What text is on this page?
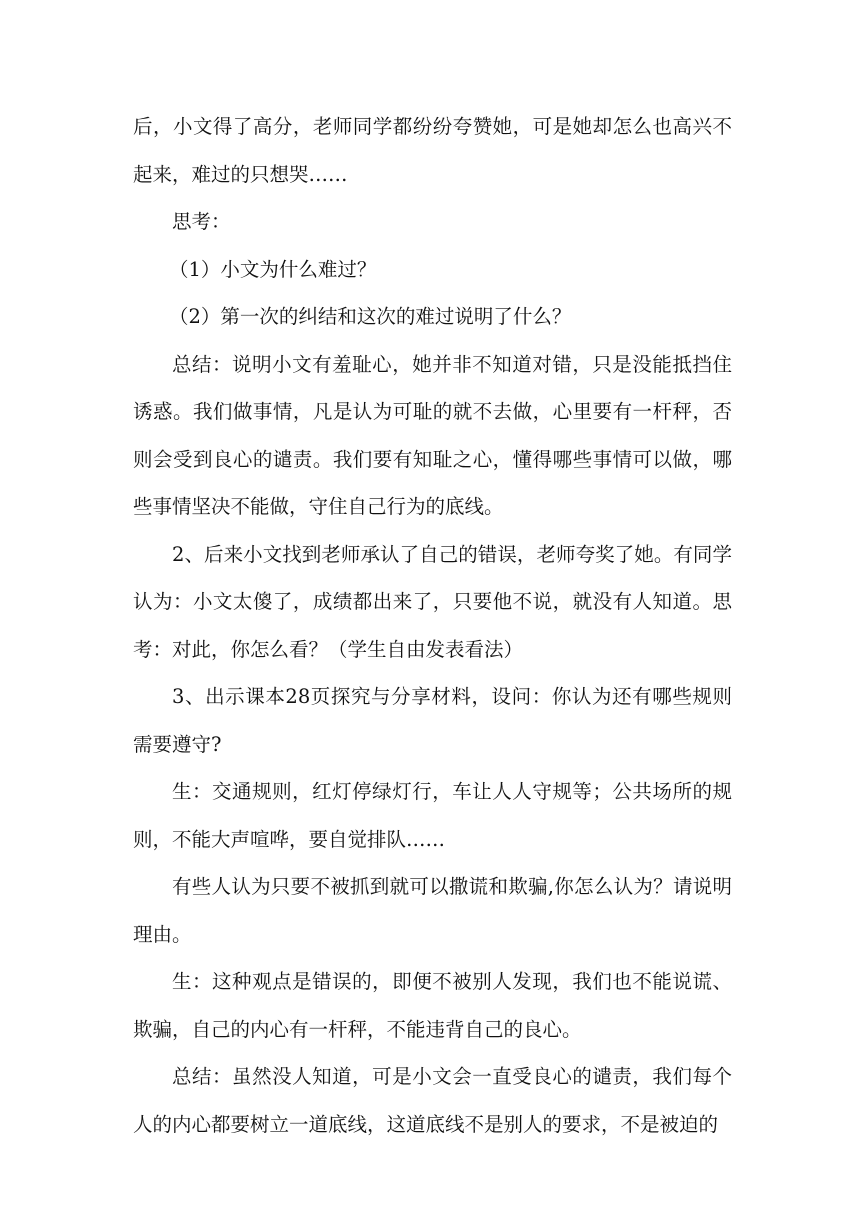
后，小文得了高分，老师同学都纷纷夸赞她，可是她却怎么也高兴不起来，难过的只想哭……

思考：

（1）小文为什么难过？

（2）第一次的纠结和这次的难过说明了什么？

总结：说明小文有羞耻心，她并非不知道对错，只是没能抵挡住诱惑。我们做事情，凡是认为可耻的就不去做，心里要有一杆秤，否则会受到良心的谴责。我们要有知耻之心，懂得哪些事情可以做，哪些事情坚决不能做，守住自己行为的底线。

2、后来小文找到老师承认了自己的错误，老师夸奖了她。有同学认为：小文太傻了，成绩都出来了，只要他不说，就没有人知道。思考：对此，你怎么看？（学生自由发表看法）

3、出示课本28页探究与分享材料，设问：你认为还有哪些规则需要遵守?

生：交通规则，红灯停绿灯行，车让人人守规等；公共场所的规则，不能大声喧哗，要自觉排队……

有些人认为只要不被抓到就可以撒谎和欺骗,你怎么认为？请说明理由。

生：这种观点是错误的，即便不被别人发现，我们也不能说谎、欺骗，自己的内心有一杆秤，不能违背自己的良心。

总结：虽然没人知道，可是小文会一直受良心的谴责，我们每个人的内心都要树立一道底线，这道底线不是别人的要求，不是被迫的
